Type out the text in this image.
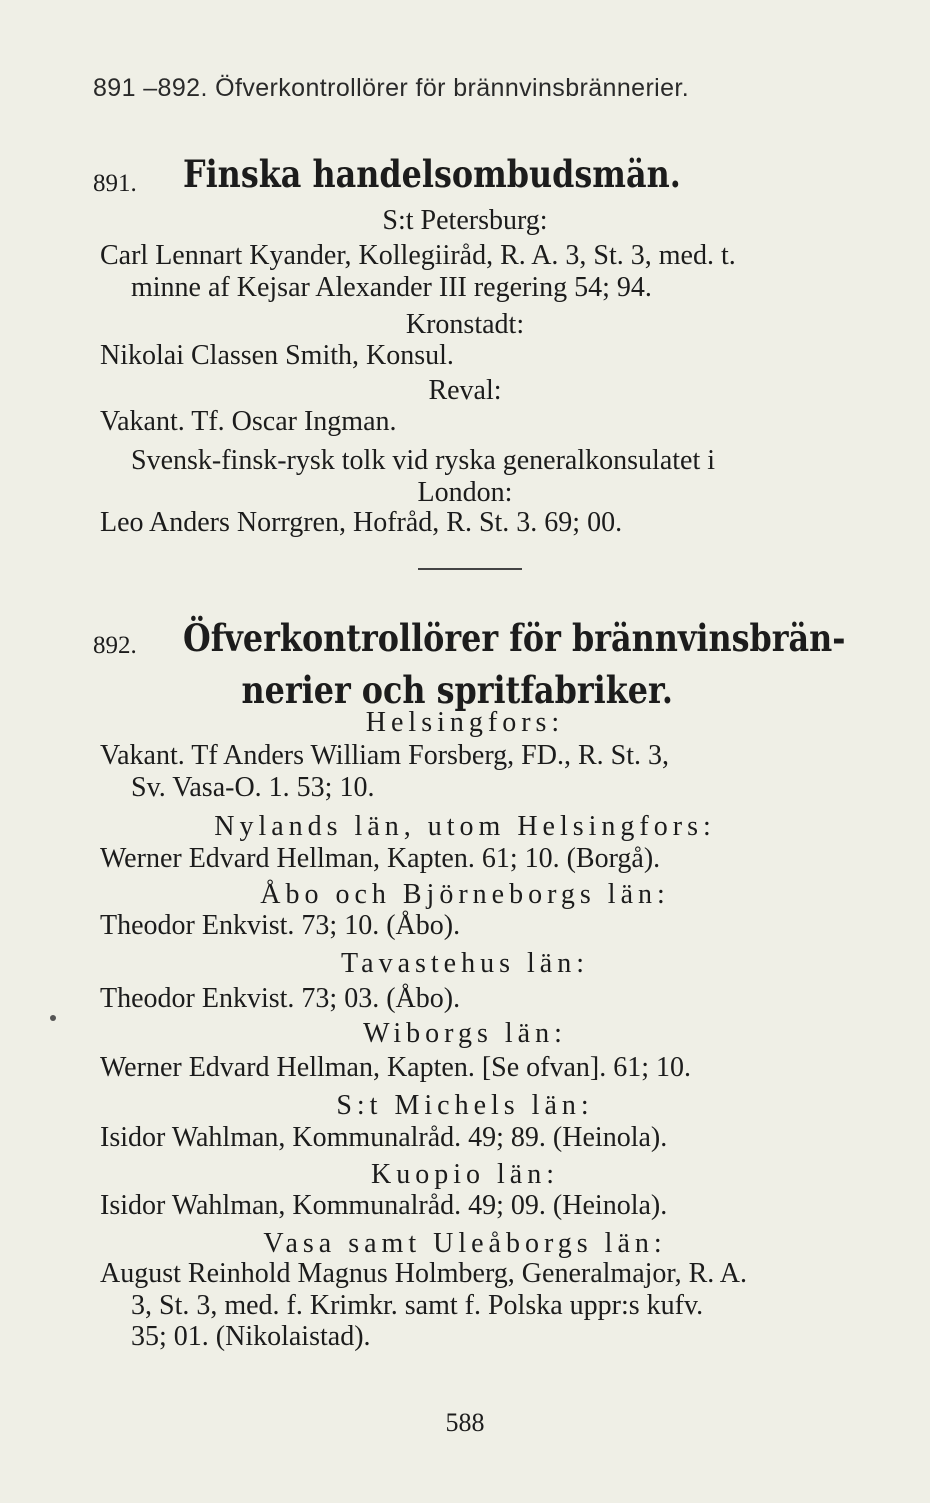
891 –892. Öfverkontrollörer för brännvinsbrännerier.
891.	Finska handelsombudsmän.
S:t Petersburg:
Carl Lennart Kyander, Kollegiiråd, R. A. 3, St. 3, med. t.
minne af Kejsar Alexander III regering 54; 94.
Kronstadt:
Nikolai Classen Smith, Konsul.
Reval:
Vakant. Tf. Oscar Ingman.
Svensk-finsk-rysk tolk vid ryska generalkonsulatet i
London:
Leo Anders Norrgren, Hofråd, R. St. 3. 69; 00.
892.	Öfverkontrollörer för brännvinsbrän-
nerier och spritfabriker.
Helsingfors:
Vakant. Tf Anders William Forsberg, FD., R. St. 3,
Sv. Vasa-O. 1. 53; 10.
Nylands län, utom Helsingfors:
Werner Edvard Hellman, Kapten. 61; 10. (Borgå).
Åbo och Björneborgs län:
Theodor Enkvist. 73; 10. (Åbo).
Tavastehus län:
Theodor Enkvist. 73; 03. (Åbo).
Wiborgs län:
Werner Edvard Hellman, Kapten. [Se ofvan]. 61; 10.
S:t Michels län:
Isidor Wahlman, Kommunalråd. 49; 89. (Heinola).
Kuopio län:
Isidor Wahlman, Kommunalråd. 49; 09. (Heinola).
Vasa samt Uleåborgs län:
August Reinhold Magnus Holmberg, Generalmajor, R. A.
3, St. 3, med. f. Krimkr. samt f. Polska uppr:s kufv.
35; 01. (Nikolaistad).
588
